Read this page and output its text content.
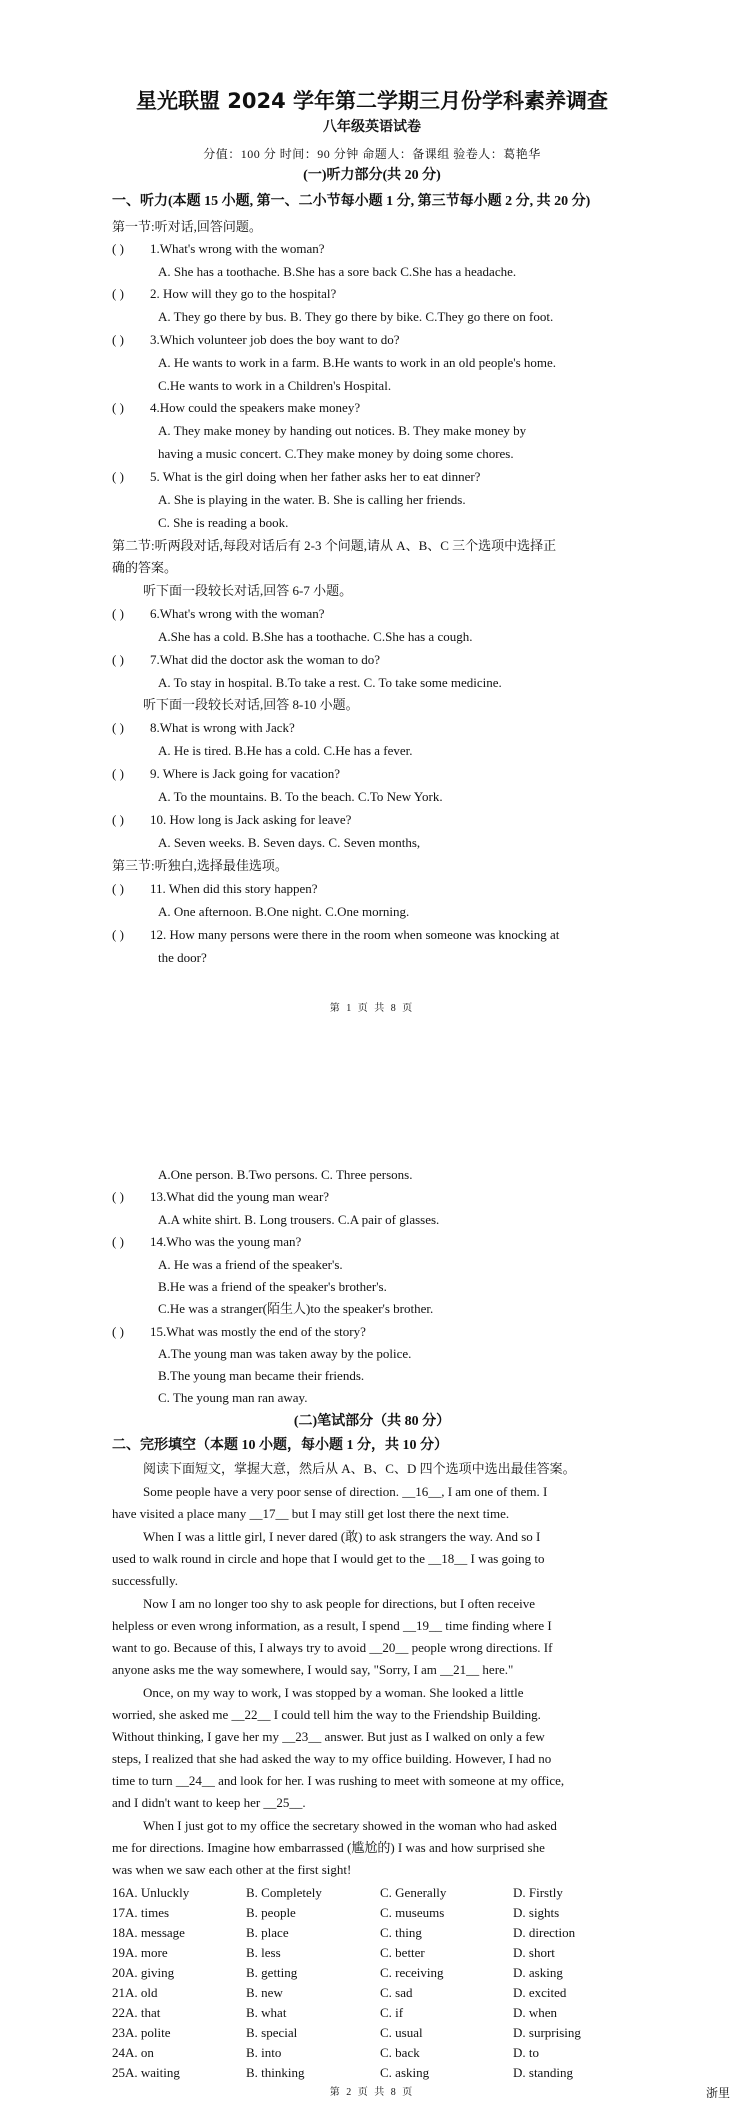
星光联盟 2024 学年第二学期三月份学科素养调查
八年级英语试卷
分值：100 分 时间：90 分钟 命题人：备课组 验卷人：葛艳华
(一)听力部分(共 20 分)
一、听力(本题 15 小题, 第一、二小节每小题 1 分, 第三节每小题 2 分, 共 20 分)
第一节:听对话,回答问题。
( ) 1.What's wrong with the woman?
A. She has a toothache. B.She has a sore back C.She has a headache.
( ) 2. How will they go to the hospital?
A. They go there by bus. B. They go there by bike. C.They go there on foot.
( ) 3.Which volunteer job does the boy want to do?
A. He wants to work in a farm. B.He wants to work in an old people's home.
C.He wants to work in a Children's Hospital.
( ) 4.How could the speakers make money?
A. They make money by handing out notices. B. They make money by
having a music concert. C.They make money by doing some chores.
( ) 5. What is the girl doing when her father asks her to eat dinner?
A. She is playing in the water. B. She is calling her friends.
C. She is reading a book.
第二节:听两段对话,每段对话后有 2-3 个问题,请从 A、B、C 三个选项中选择正
确的答案。
听下面一段较长对话,回答 6-7 小题。
( ) 6.What's wrong with the woman?
A.She has a cold. B.She has a toothache. C.She has a cough.
( ) 7.What did the doctor ask the woman to do?
A. To stay in hospital. B.To take a rest. C. To take some medicine.
听下面一段较长对话,回答 8-10 小题。
( ) 8.What is wrong with Jack?
A. He is tired. B.He has a cold. C.He has a fever.
( ) 9. Where is Jack going for vacation?
A. To the mountains. B. To the beach. C.To New York.
( ) 10. How long is Jack asking for leave?
A. Seven weeks. B. Seven days. C. Seven months,
第三节:听独白,选择最佳选项。
( ) 11. When did this story happen?
A. One afternoon. B.One night. C.One morning.
( ) 12. How many persons were there in the room when someone was knocking at
the door?
第 1 页 共 8 页
A.One person. B.Two persons. C. Three persons.
( ) 13.What did the young man wear?
A.A white shirt. B. Long trousers. C.A pair of glasses.
( ) 14.Who was the young man?
A. He was a friend of the speaker's.
B.He was a friend of the speaker's brother's.
C.He was a stranger(陌生人)to the speaker's brother.
( ) 15.What was mostly the end of the story?
A.The young man was taken away by the police.
B.The young man became their friends.
C. The young man ran away.
(二)笔试部分（共 80 分）
二、完形填空（本题 10 小题，每小题 1 分，共 10 分）
阅读下面短文，掌握大意，然后从 A、B、C、D 四个选项中选出最佳答案。
Some people have a very poor sense of direction. __16__, I am one of them. I
have visited a place many __17__ but I may still get lost there the next time.
When I was a little girl, I never dared (敢) to ask strangers the way. And so I
used to walk round in circle and hope that I would get to the __18__ I was going to
successfully.
Now I am no longer too shy to ask people for directions, but I often receive
helpless or even wrong information, as a result, I spend __19__ time finding where I
want to go. Because of this, I always try to avoid __20__ people wrong directions. If
anyone asks me the way somewhere, I would say, "Sorry, I am __21__ here."
Once, on my way to work, I was stopped by a woman. She looked a little
worried, she asked me __22__ I could tell him the way to the Friendship Building.
Without thinking, I gave her my __23__ answer. But just as I walked on only a few
steps, I realized that she had asked the way to my office building. However, I had no
time to turn __24__ and look for her. I was rushing to meet with someone at my office,
and I didn't want to keep her __25__.
When I just got to my office the secretary showed in the woman who had asked
me for directions. Imagine how embarrassed (尴尬的) I was and how surprised she
was when we saw each other at the first sight!
16A. Unluckly	B. Completely	C. Generally	D. Firstly
17A. times	B. people	C. museums	D. sights
18A. message	B. place	C. thing	D. direction
19A. more	B. less	C. better	D. short
20A. giving	B. getting	C. receiving	D. asking
21A. old	B. new	C. sad	D. excited
22A. that	B. what	C. if	D. when
23A. polite	B. special	C. usual	D. surprising
24A. on	B. into	C. back	D. to
25A. waiting	B. thinking	C. asking	D. standing
第 2 页 共 8 页	浙里
